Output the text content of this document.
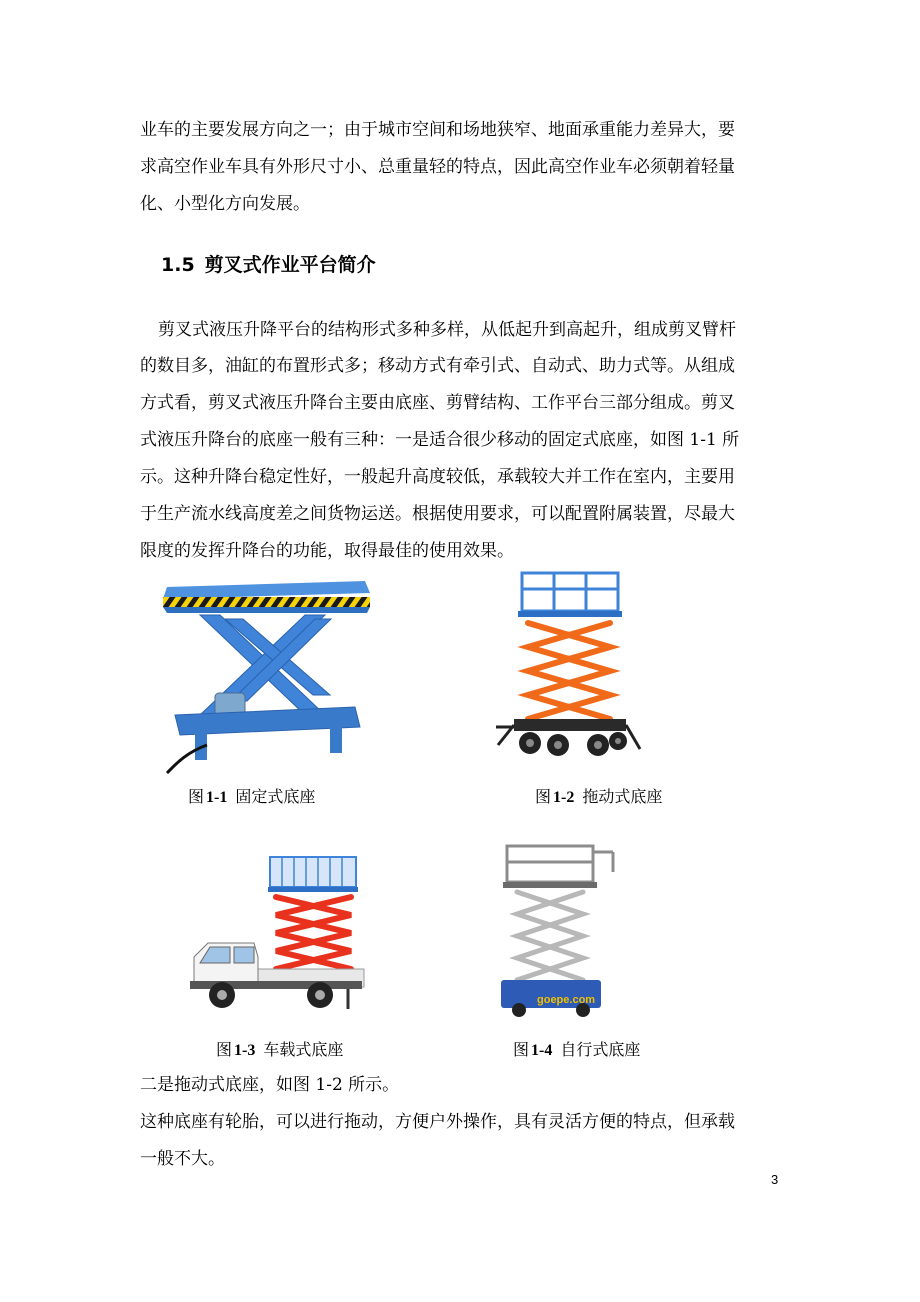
业车的主要发展方向之一；由于城市空间和场地狭窄、地面承重能力差异大，要
求高空作业车具有外形尺寸小、总重量轻的特点，因此高空作业车必须朝着轻量
化、小型化方向发展。
1.5 剪叉式作业平台简介
剪叉式液压升降平台的结构形式多种多样，从低起升到高起升，组成剪叉臂杆
的数目多，油缸的布置形式多；移动方式有牵引式、自动式、助力式等。从组成
方式看，剪叉式液压升降台主要由底座、剪臂结构、工作平台三部分组成。剪叉
式液压升降台的底座一般有三种：一是适合很少移动的固定式底座，如图 1-1 所
示。这种升降台稳定性好，一般起升高度较低，承载较大并工作在室内，主要用
于生产流水线高度差之间货物运送。根据使用要求，可以配置附属装置，尽最大
限度的发挥升降台的功能，取得最佳的使用效果。
图 1-1 固定式底座	图 1-2 拖动式底座
goepe.com
图 1-3 车载式底座	图 1-4 自行式底座
二是拖动式底座，如图 1-2 所示。
这种底座有轮胎，可以进行拖动，方便户外操作，具有灵活方便的特点，但承载
一般不大。
3
